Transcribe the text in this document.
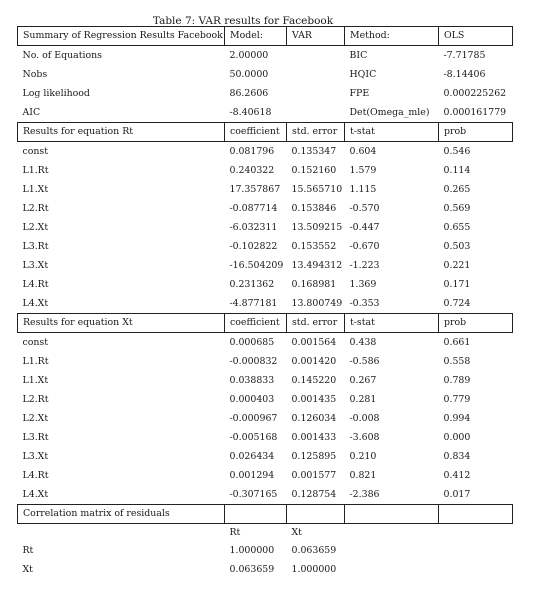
Table 7: VAR results for Facebook
Summary of Regression Results Facebook	Model:	VAR	Method:	OLS
No. of Equations	2.00000		BIC	-7.71785
Nobs	50.0000		HQIC	-8.14406
Log likelihood	86.2606		FPE	0.000225262
AIC	-8.40618		Det(Omega_mle)	0.000161779
Results for equation Rt	coefficient	std. error	t-stat	prob
const	0.081796	0.135347	0.604	0.546
L1.Rt	0.240322	0.152160	1.579	0.114
L1.Xt	17.357867	15.565710	1.115	0.265
L2.Rt	-0.087714	0.153846	-0.570	0.569
L2.Xt	-6.032311	13.509215	-0.447	0.655
L3.Rt	-0.102822	0.153552	-0.670	0.503
L3.Xt	-16.504209	13.494312	-1.223	0.221
L4.Rt	0.231362	0.168981	1.369	0.171
L4.Xt	-4.877181	13.800749	-0.353	0.724
Results for equation Xt	coefficient	std. error	t-stat	prob
const	0.000685	0.001564	0.438	0.661
L1.Rt	-0.000832	0.001420	-0.586	0.558
L1.Xt	0.038833	0.145220	0.267	0.789
L2.Rt	0.000403	0.001435	0.281	0.779
L2.Xt	-0.000967	0.126034	-0.008	0.994
L3.Rt	-0.005168	0.001433	-3.608	0.000
L3.Xt	0.026434	0.125895	0.210	0.834
L4.Rt	0.001294	0.001577	0.821	0.412
L4.Xt	-0.307165	0.128754	-2.386	0.017
Correlation matrix of residuals				
	Rt	Xt		
Rt	1.000000	0.063659		
Xt	0.063659	1.000000		
